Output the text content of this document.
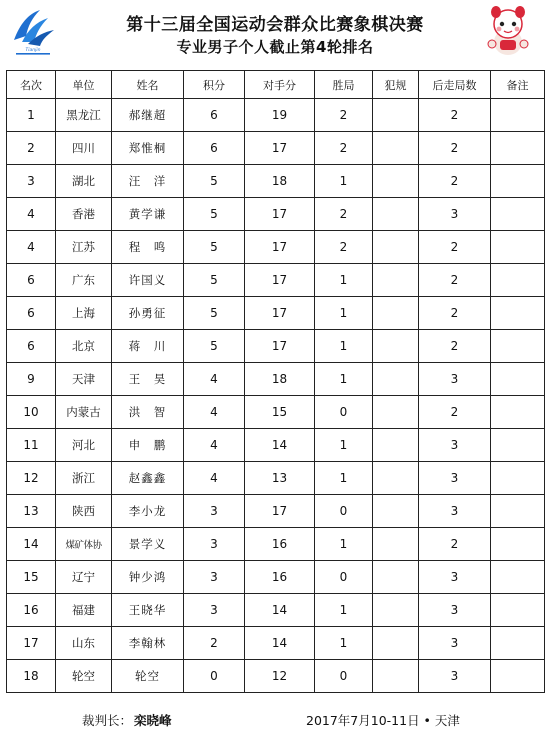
Tianjin
第十三届全国运动会群众比赛象棋决赛
专业男子个人截止第4轮排名
名次	单位	姓名	积分	对手分	胜局	犯规	后走局数	备注
1	黑龙江	郝继超	6	19	2		2	
2	四川	郑惟桐	6	17	2		2	
3	湖北	汪　洋	5	18	1		2	
4	香港	黄学谦	5	17	2		3	
4	江苏	程　鸣	5	17	2		2	
6	广东	许国义	5	17	1		2	
6	上海	孙勇征	5	17	1		2	
6	北京	蒋　川	5	17	1		2	
9	天津	王　昊	4	18	1		3	
10	内蒙古	洪　智	4	15	0		2	
11	河北	申　鹏	4	14	1		3	
12	浙江	赵鑫鑫	4	13	1		3	
13	陕西	李小龙	3	17	0		3	
14	煤矿体协	景学义	3	16	1		2	
15	辽宁	钟少鸿	3	16	0		3	
16	福建	王晓华	3	14	1		3	
17	山东	李翰林	2	14	1		3	
18	轮空	轮空	0	12	0		3	
裁判长： 栾晓峰	2017年7月10-11日 • 天津
